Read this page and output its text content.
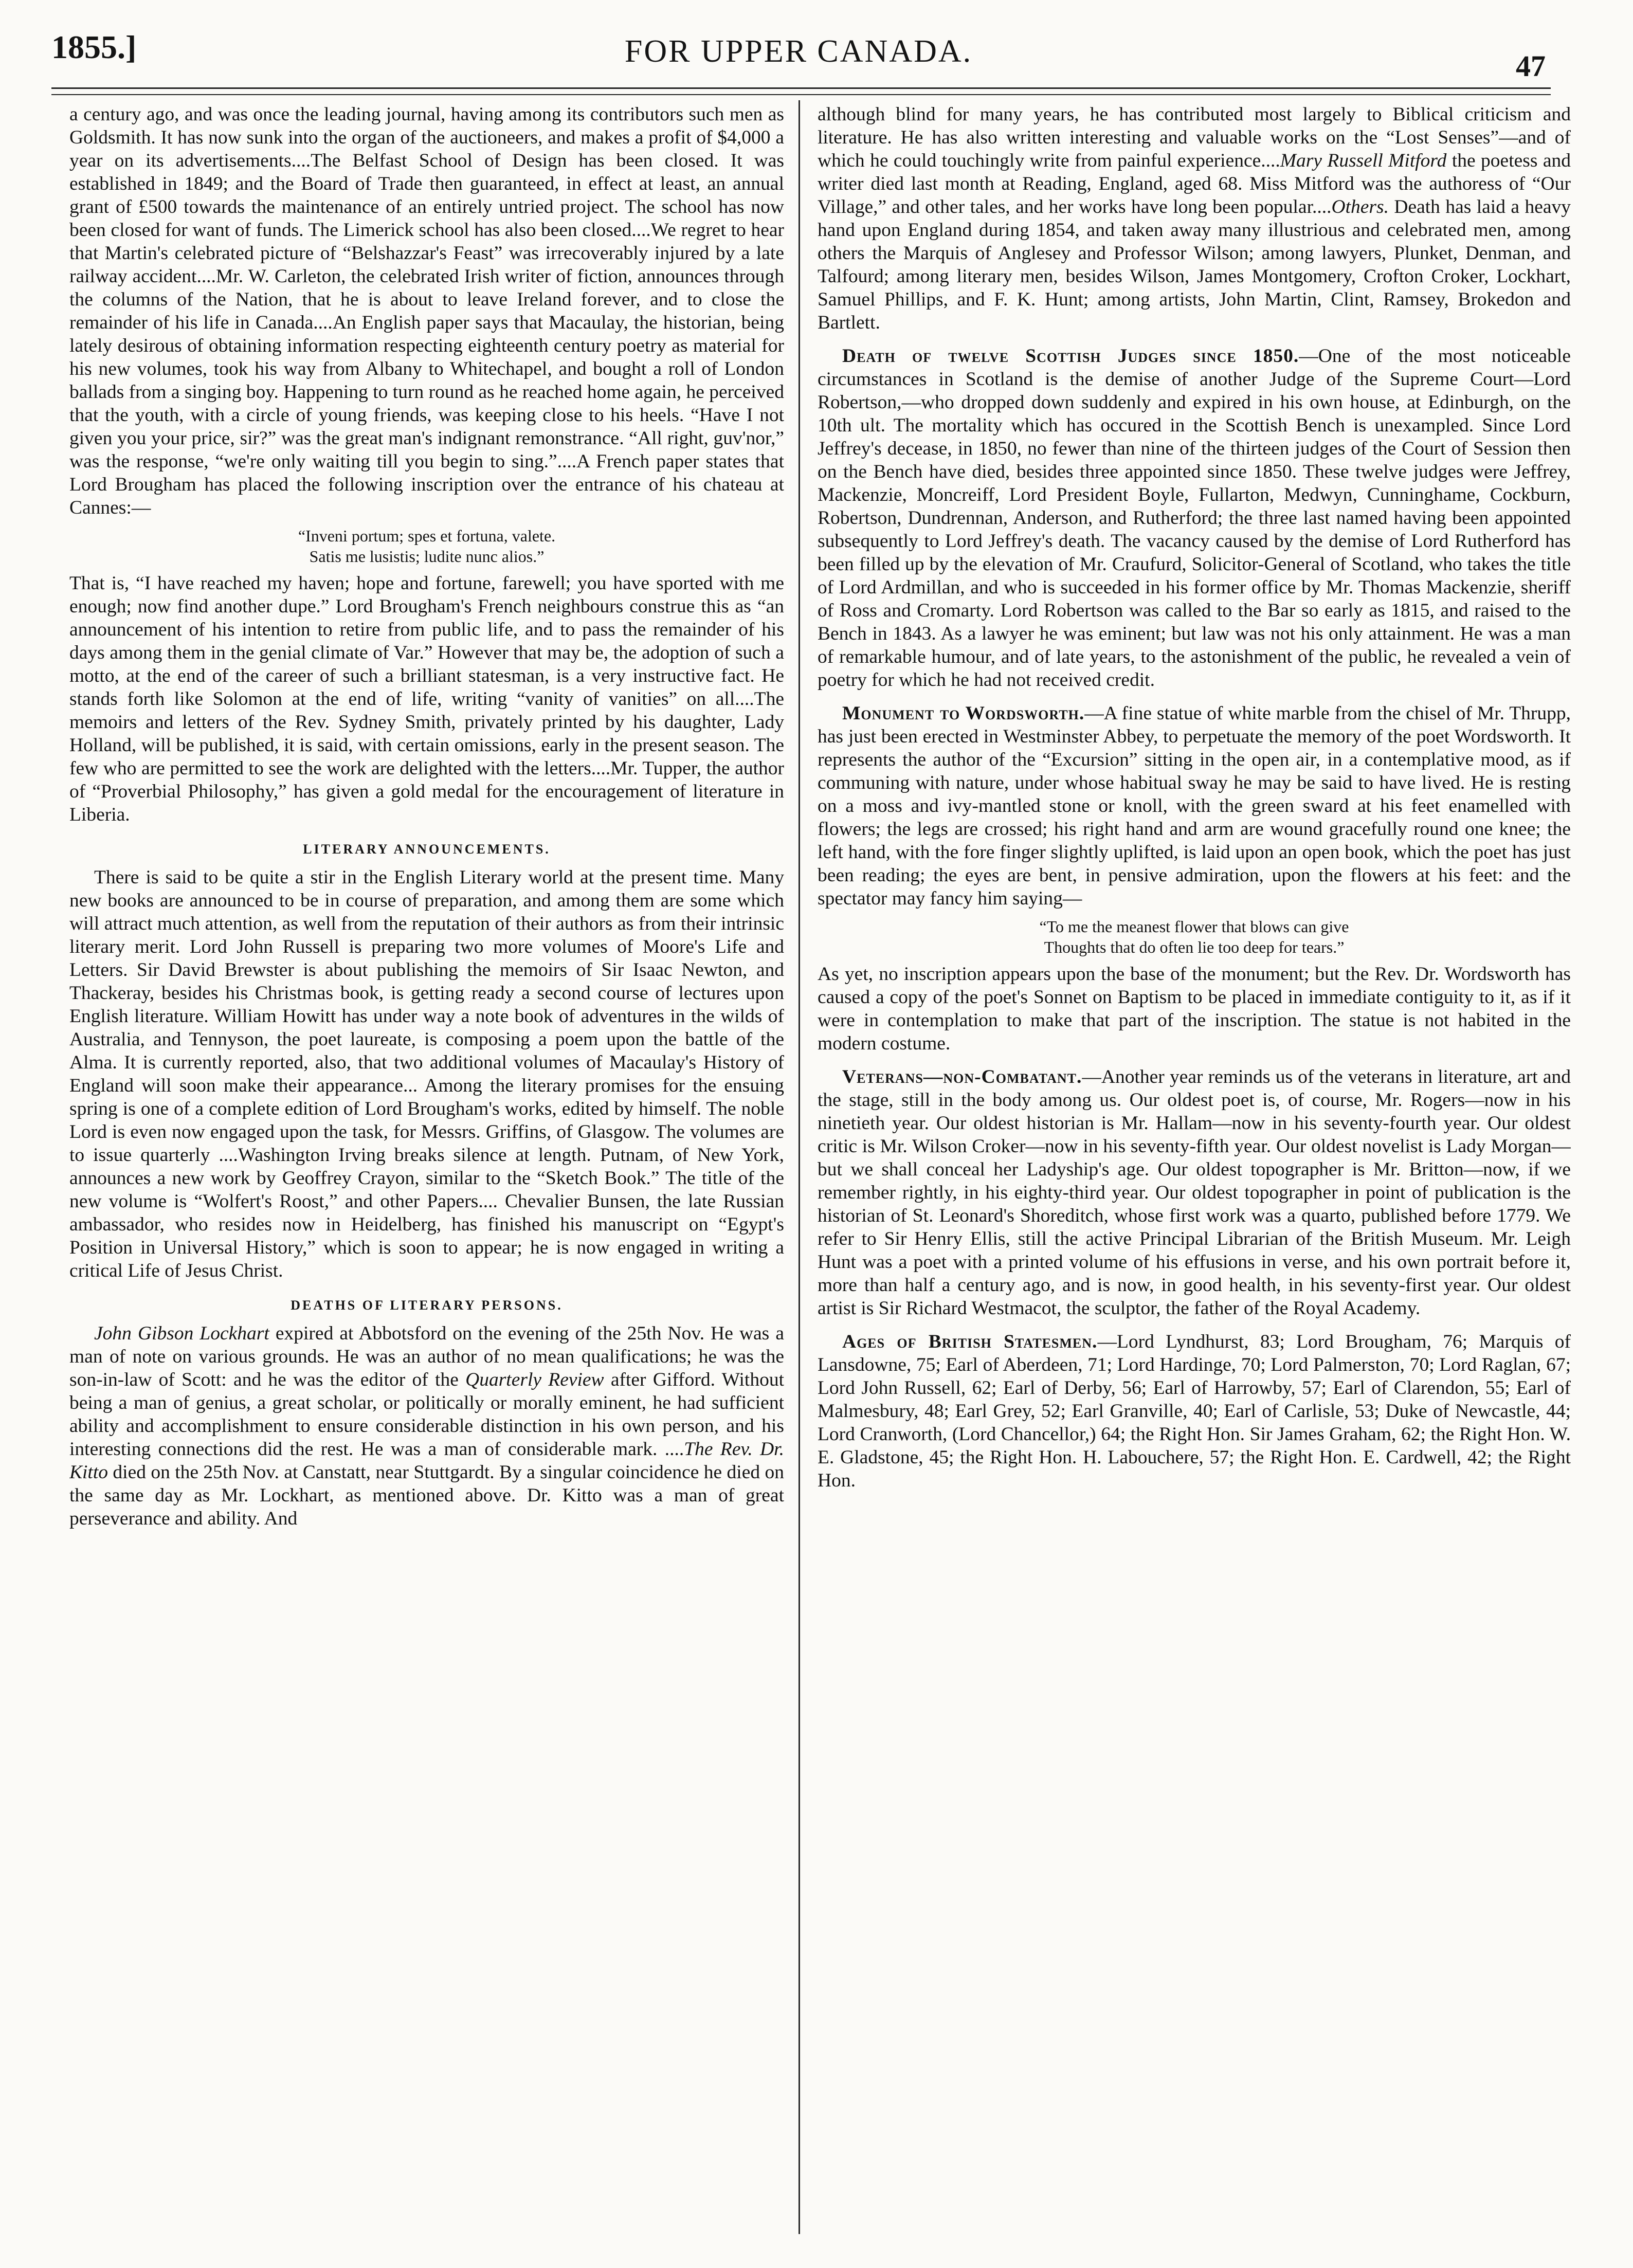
1855.]	FOR UPPER CANADA.	47

a century ago, and was once the leading journal, having among its contributors such men as Goldsmith. It has now sunk into the organ of the auctioneers, and makes a profit of $4,000 a year on its advertisements....The Belfast School of Design has been closed. It was established in 1849; and the Board of Trade then guaranteed, in effect at least, an annual grant of £500 towards the maintenance of an entirely untried project. The school has now been closed for want of funds. The Limerick school has also been closed....We regret to hear that Martin's celebrated picture of “Belshazzar's Feast” was irrecoverably injured by a late railway accident....Mr. W. Carleton, the celebrated Irish writer of fiction, announces through the columns of the Nation, that he is about to leave Ireland forever, and to close the remainder of his life in Canada....An English paper says that Macaulay, the historian, being lately desirous of obtaining information respecting eighteenth century poetry as material for his new volumes, took his way from Albany to Whitechapel, and bought a roll of London ballads from a singing boy. Happening to turn round as he reached home again, he perceived that the youth, with a circle of young friends, was keeping close to his heels. “Have I not given you your price, sir?” was the great man's indignant remonstrance. “All right, guv'nor,” was the response, “we're only waiting till you begin to sing.”....A French paper states that Lord Brougham has placed the following inscription over the entrance of his chateau at Cannes:—

“Inveni portum; spes et fortuna, valete.
Satis me lusistis; ludite nunc alios.”

That is, “I have reached my haven; hope and fortune, farewell; you have sported with me enough; now find another dupe.” Lord Brougham's French neighbours construe this as “an announcement of his intention to retire from public life, and to pass the remainder of his days among them in the genial climate of Var.” However that may be, the adoption of such a motto, at the end of the career of such a brilliant statesman, is a very instructive fact. He stands forth like Solomon at the end of life, writing “vanity of vanities” on all....The memoirs and letters of the Rev. Sydney Smith, privately printed by his daughter, Lady Holland, will be published, it is said, with certain omissions, early in the present season. The few who are permitted to see the work are delighted with the letters....Mr. Tupper, the author of “Proverbial Philosophy,” has given a gold medal for the encouragement of literature in Liberia.

LITERARY ANNOUNCEMENTS.

There is said to be quite a stir in the English Literary world at the present time. Many new books are announced to be in course of preparation, and among them are some which will attract much attention, as well from the reputation of their authors as from their intrinsic literary merit. Lord John Russell is preparing two more volumes of Moore's Life and Letters. Sir David Brewster is about publishing the memoirs of Sir Isaac Newton, and Thackeray, besides his Christmas book, is getting ready a second course of lectures upon English literature. William Howitt has under way a note book of adventures in the wilds of Australia, and Tennyson, the poet laureate, is composing a poem upon the battle of the Alma. It is currently reported, also, that two additional volumes of Macaulay's History of England will soon make their appearance... Among the literary promises for the ensuing spring is one of a complete edition of Lord Brougham's works, edited by himself. The noble Lord is even now engaged upon the task, for Messrs. Griffins, of Glasgow. The volumes are to issue quarterly ....Washington Irving breaks silence at length. Putnam, of New York, announces a new work by Geoffrey Crayon, similar to the “Sketch Book.” The title of the new volume is “Wolfert's Roost,” and other Papers.... Chevalier Bunsen, the late Russian ambassador, who resides now in Heidelberg, has finished his manuscript on “Egypt's Position in Universal History,” which is soon to appear; he is now engaged in writing a critical Life of Jesus Christ.

DEATHS OF LITERARY PERSONS.

John Gibson Lockhart expired at Abbotsford on the evening of the 25th Nov. He was a man of note on various grounds. He was an author of no mean qualifications; he was the son-in-law of Scott: and he was the editor of the Quarterly Review after Gifford. Without being a man of genius, a great scholar, or politically or morally eminent, he had sufficient ability and accomplishment to ensure considerable distinction in his own person, and his interesting connections did the rest. He was a man of considerable mark. ....The Rev. Dr. Kitto died on the 25th Nov. at Canstatt, near Stuttgardt. By a singular coincidence he died on the same day as Mr. Lockhart, as mentioned above. Dr. Kitto was a man of great perseverance and ability. And

although blind for many years, he has contributed most largely to Biblical criticism and literature. He has also written interesting and valuable works on the “Lost Senses”—and of which he could touchingly write from painful experience....Mary Russell Mitford the poetess and writer died last month at Reading, England, aged 68. Miss Mitford was the authoress of “Our Village,” and other tales, and her works have long been popular....Others. Death has laid a heavy hand upon England during 1854, and taken away many illustrious and celebrated men, among others the Marquis of Anglesey and Professor Wilson; among lawyers, Plunket, Denman, and Talfourd; among literary men, besides Wilson, James Montgomery, Crofton Croker, Lockhart, Samuel Phillips, and F. K. Hunt; among artists, John Martin, Clint, Ramsey, Brokedon and Bartlett.

Death of twelve Scottish Judges since 1850.—One of the most noticeable circumstances in Scotland is the demise of another Judge of the Supreme Court—Lord Robertson,—who dropped down suddenly and expired in his own house, at Edinburgh, on the 10th ult. The mortality which has occured in the Scottish Bench is unexampled. Since Lord Jeffrey's decease, in 1850, no fewer than nine of the thirteen judges of the Court of Session then on the Bench have died, besides three appointed since 1850. These twelve judges were Jeffrey, Mackenzie, Moncreiff, Lord President Boyle, Fullarton, Medwyn, Cunninghame, Cockburn, Robertson, Dundrennan, Anderson, and Rutherford; the three last named having been appointed subsequently to Lord Jeffrey's death. The vacancy caused by the demise of Lord Rutherford has been filled up by the elevation of Mr. Craufurd, Solicitor-General of Scotland, who takes the title of Lord Ardmillan, and who is succeeded in his former office by Mr. Thomas Mackenzie, sheriff of Ross and Cromarty. Lord Robertson was called to the Bar so early as 1815, and raised to the Bench in 1843. As a lawyer he was eminent; but law was not his only attainment. He was a man of remarkable humour, and of late years, to the astonishment of the public, he revealed a vein of poetry for which he had not received credit.

Monument to Wordsworth.—A fine statue of white marble from the chisel of Mr. Thrupp, has just been erected in Westminster Abbey, to perpetuate the memory of the poet Wordsworth. It represents the author of the “Excursion” sitting in the open air, in a contemplative mood, as if communing with nature, under whose habitual sway he may be said to have lived. He is resting on a moss and ivy-mantled stone or knoll, with the green sward at his feet enamelled with flowers; the legs are crossed; his right hand and arm are wound gracefully round one knee; the left hand, with the fore finger slightly uplifted, is laid upon an open book, which the poet has just been reading; the eyes are bent, in pensive admiration, upon the flowers at his feet: and the spectator may fancy him saying—

“To me the meanest flower that blows can give
Thoughts that do often lie too deep for tears.”

As yet, no inscription appears upon the base of the monument; but the Rev. Dr. Wordsworth has caused a copy of the poet's Sonnet on Baptism to be placed in immediate contiguity to it, as if it were in contemplation to make that part of the inscription. The statue is not habited in the modern costume.

Veterans—non-Combatant.—Another year reminds us of the veterans in literature, art and the stage, still in the body among us. Our oldest poet is, of course, Mr. Rogers—now in his ninetieth year. Our oldest historian is Mr. Hallam—now in his seventy-fourth year. Our oldest critic is Mr. Wilson Croker—now in his seventy-fifth year. Our oldest novelist is Lady Morgan—but we shall conceal her Ladyship's age. Our oldest topographer is Mr. Britton—now, if we remember rightly, in his eighty-third year. Our oldest topographer in point of publication is the historian of St. Leonard's Shoreditch, whose first work was a quarto, published before 1779. We refer to Sir Henry Ellis, still the active Principal Librarian of the British Museum. Mr. Leigh Hunt was a poet with a printed volume of his effusions in verse, and his own portrait before it, more than half a century ago, and is now, in good health, in his seventy-first year. Our oldest artist is Sir Richard Westmacot, the sculptor, the father of the Royal Academy.

Ages of British Statesmen.—Lord Lyndhurst, 83; Lord Brougham, 76; Marquis of Lansdowne, 75; Earl of Aberdeen, 71; Lord Hardinge, 70; Lord Palmerston, 70; Lord Raglan, 67; Lord John Russell, 62; Earl of Derby, 56; Earl of Harrowby, 57; Earl of Clarendon, 55; Earl of Malmesbury, 48; Earl Grey, 52; Earl Granville, 40; Earl of Carlisle, 53; Duke of Newcastle, 44; Lord Cranworth, (Lord Chancellor,) 64; the Right Hon. Sir James Graham, 62; the Right Hon. W. E. Gladstone, 45; the Right Hon. H. Labouchere, 57; the Right Hon. E. Cardwell, 42; the Right Hon.
